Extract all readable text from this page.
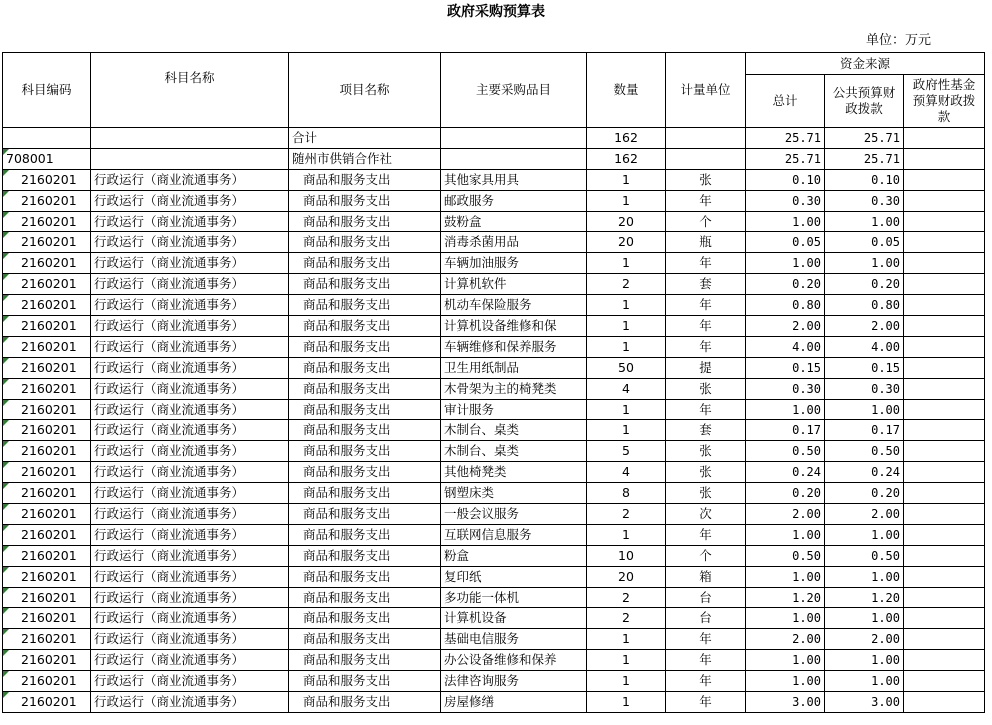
政府采购预算表
单位：万元
科目编码	科目名称	项目名称	主要采购品目	数量	计量单位	资金来源		
						总计	公共预算财政拨款	政府性基金预算财政拨款
		合计		162		25.71	25.71	

708001		随州市供销合作社		162		25.71	25.71	

2160201	行政运行（商业流通事务）	商品和服务支出	其他家具用具	1	张	0.10	0.10	

2160201	行政运行（商业流通事务）	商品和服务支出	邮政服务	1	年	0.30	0.30	

2160201	行政运行（商业流通事务）	商品和服务支出	鼓粉盒	20	个	1.00	1.00	

2160201	行政运行（商业流通事务）	商品和服务支出	消毒杀菌用品	20	瓶	0.05	0.05	

2160201	行政运行（商业流通事务）	商品和服务支出	车辆加油服务	1	年	1.00	1.00	

2160201	行政运行（商业流通事务）	商品和服务支出	计算机软件	2	套	0.20	0.20	

2160201	行政运行（商业流通事务）	商品和服务支出	机动车保险服务	1	年	0.80	0.80	

2160201	行政运行（商业流通事务）	商品和服务支出	计算机设备维修和保	1	年	2.00	2.00	

2160201	行政运行（商业流通事务）	商品和服务支出	车辆维修和保养服务	1	年	4.00	4.00	

2160201	行政运行（商业流通事务）	商品和服务支出	卫生用纸制品	50	提	0.15	0.15	

2160201	行政运行（商业流通事务）	商品和服务支出	木骨架为主的椅凳类	4	张	0.30	0.30	

2160201	行政运行（商业流通事务）	商品和服务支出	审计服务	1	年	1.00	1.00	

2160201	行政运行（商业流通事务）	商品和服务支出	木制台、桌类	1	套	0.17	0.17	

2160201	行政运行（商业流通事务）	商品和服务支出	木制台、桌类	5	张	0.50	0.50	

2160201	行政运行（商业流通事务）	商品和服务支出	其他椅凳类	4	张	0.24	0.24	

2160201	行政运行（商业流通事务）	商品和服务支出	钢塑床类	8	张	0.20	0.20	

2160201	行政运行（商业流通事务）	商品和服务支出	一般会议服务	2	次	2.00	2.00	

2160201	行政运行（商业流通事务）	商品和服务支出	互联网信息服务	1	年	1.00	1.00	

2160201	行政运行（商业流通事务）	商品和服务支出	粉盒	10	个	0.50	0.50	

2160201	行政运行（商业流通事务）	商品和服务支出	复印纸	20	箱	1.00	1.00	

2160201	行政运行（商业流通事务）	商品和服务支出	多功能一体机	2	台	1.20	1.20	

2160201	行政运行（商业流通事务）	商品和服务支出	计算机设备	2	台	1.00	1.00	

2160201	行政运行（商业流通事务）	商品和服务支出	基础电信服务	1	年	2.00	2.00	

2160201	行政运行（商业流通事务）	商品和服务支出	办公设备维修和保养	1	年	1.00	1.00	

2160201	行政运行（商业流通事务）	商品和服务支出	法律咨询服务	1	年	1.00	1.00	

2160201	行政运行（商业流通事务）	商品和服务支出	房屋修缮	1	年	3.00	3.00	
